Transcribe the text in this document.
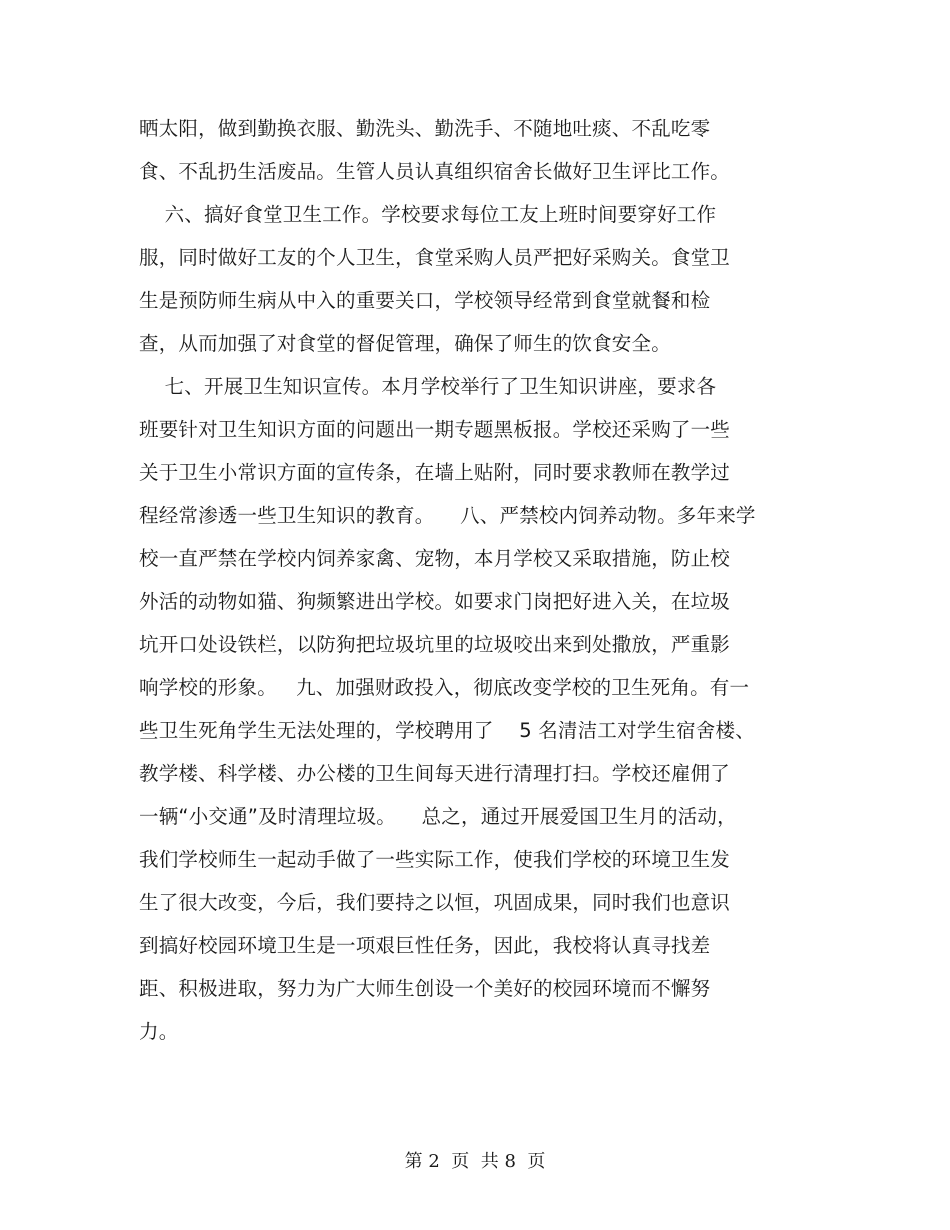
晒太阳，做到勤换衣服、勤洗头、勤洗手、不随地吐痰、不乱吃零
食、不乱扔生活废品。生管人员认真组织宿舍长做好卫生评比工作。
六、搞好食堂卫生工作。学校要求每位工友上班时间要穿好工作
服，同时做好工友的个人卫生，食堂采购人员严把好采购关。食堂卫
生是预防师生病从中入的重要关口，学校领导经常到食堂就餐和检
查，从而加强了对食堂的督促管理，确保了师生的饮食安全。
七、开展卫生知识宣传。本月学校举行了卫生知识讲座，要求各
班要针对卫生知识方面的问题出一期专题黑板报。学校还采购了一些
关于卫生小常识方面的宣传条，在墙上贴附，同时要求教师在教学过
程经常渗透一些卫生知识的教育。    八、严禁校内饲养动物。多年来学
校一直严禁在学校内饲养家禽、宠物，本月学校又采取措施，防止校
外活的动物如猫、狗频繁进出学校。如要求门岗把好进入关，在垃圾
坑开口处设铁栏，以防狗把垃圾坑里的垃圾咬出来到处撒放，严重影
响学校的形象。   九、加强财政投入，彻底改变学校的卫生死角。有一
些卫生死角学生无法处理的，学校聘用了    5 名清洁工对学生宿舍楼、
教学楼、科学楼、办公楼的卫生间每天进行清理打扫。学校还雇佣了
一辆“小交通”及时清理垃圾。    总之，通过开展爱国卫生月的活动，
我们学校师生一起动手做了一些实际工作，使我们学校的环境卫生发
生了很大改变，今后，我们要持之以恒，巩固成果，同时我们也意识
到搞好校园环境卫生是一项艰巨性任务，因此，我校将认真寻找差
距、积极进取，努力为广大师生创设一个美好的校园环境而不懈努
力。
第 2  页  共 8  页
